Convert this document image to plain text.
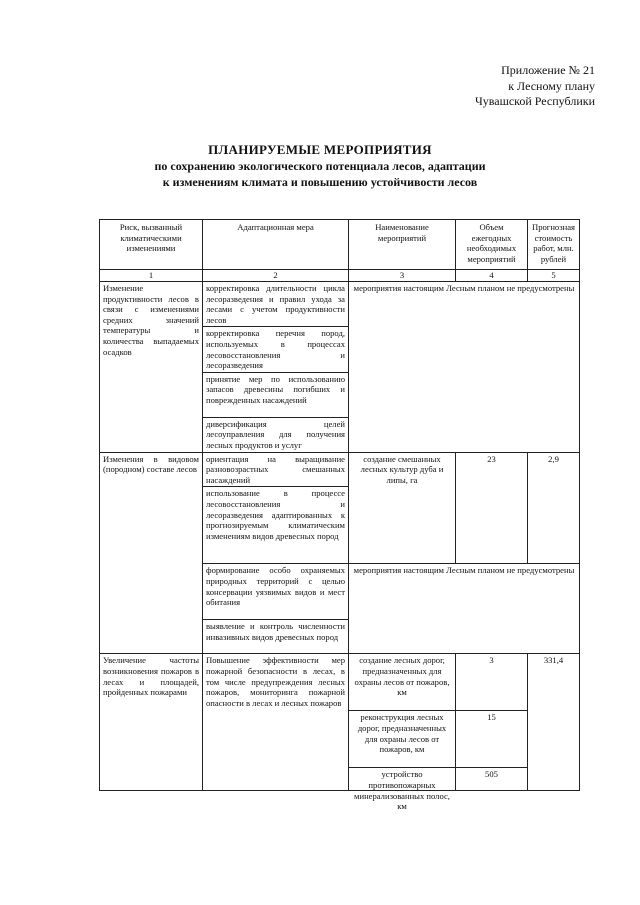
Приложение № 21
к Лесному плану
Чувашской Республики
ПЛАНИРУЕМЫЕ МЕРОПРИЯТИЯ
по сохранению экологического потенциала лесов, адаптации
к изменениям климата и повышению устойчивости лесов
Риск, вызванный климатическими изменениями	Адаптационная мера	Наименование мероприятий	Объем ежегодных необходимых мероприятий	Прогнозная стоимость работ, млн. рублей
1	2	3	4	5
Изменение продуктивности лесов в связи с изменениями средних значений температуры и количества выпадаемых осадков	корректировка длительности цикла лесоразведения и правил ухода за лесами с учетом продуктивности лесов	мероприятия настоящим Лесным планом не предусмотрены		
	корректировка перечня пород, используемых в процессах лесовосстановления и лесоразведения			
	принятие мер по использованию запасов древесины погибших и поврежденных насаждений			
	диверсификация целей лесоуправления для получения лесных продуктов и услуг			
Изменения в видовом (породном) составе лесов	ориентация на выращивание разновозрастных смешанных насаждений	создание смешанных лесных культур дуба и липы, га	23	2,9
	использование в процессе лесовосстановления и лесоразведения адаптированных к прогнозируемым климатическим изменениям видов древесных пород			
	формирование особо охраняемых природных территорий с целью консервации уязвимых видов и мест обитания	мероприятия настоящим Лесным планом не предусмотрены		
	выявление и контроль численности инвазивных видов древесных пород			
Увеличение частоты возникновения пожаров в лесах и площадей, пройденных пожарами	Повышение эффективности мер пожарной безопасности в лесах, в том числе предупреждения лесных пожаров, мониторинга пожарной опасности в лесах и лесных пожаров	создание лесных дорог, предназначенных для охраны лесов от пожаров, км	3	331,4
		реконструкция лесных дорог, предназначенных для охраны лесов от пожаров, км	15	

		устройство противопожарных минерализованных полос, км	505	
